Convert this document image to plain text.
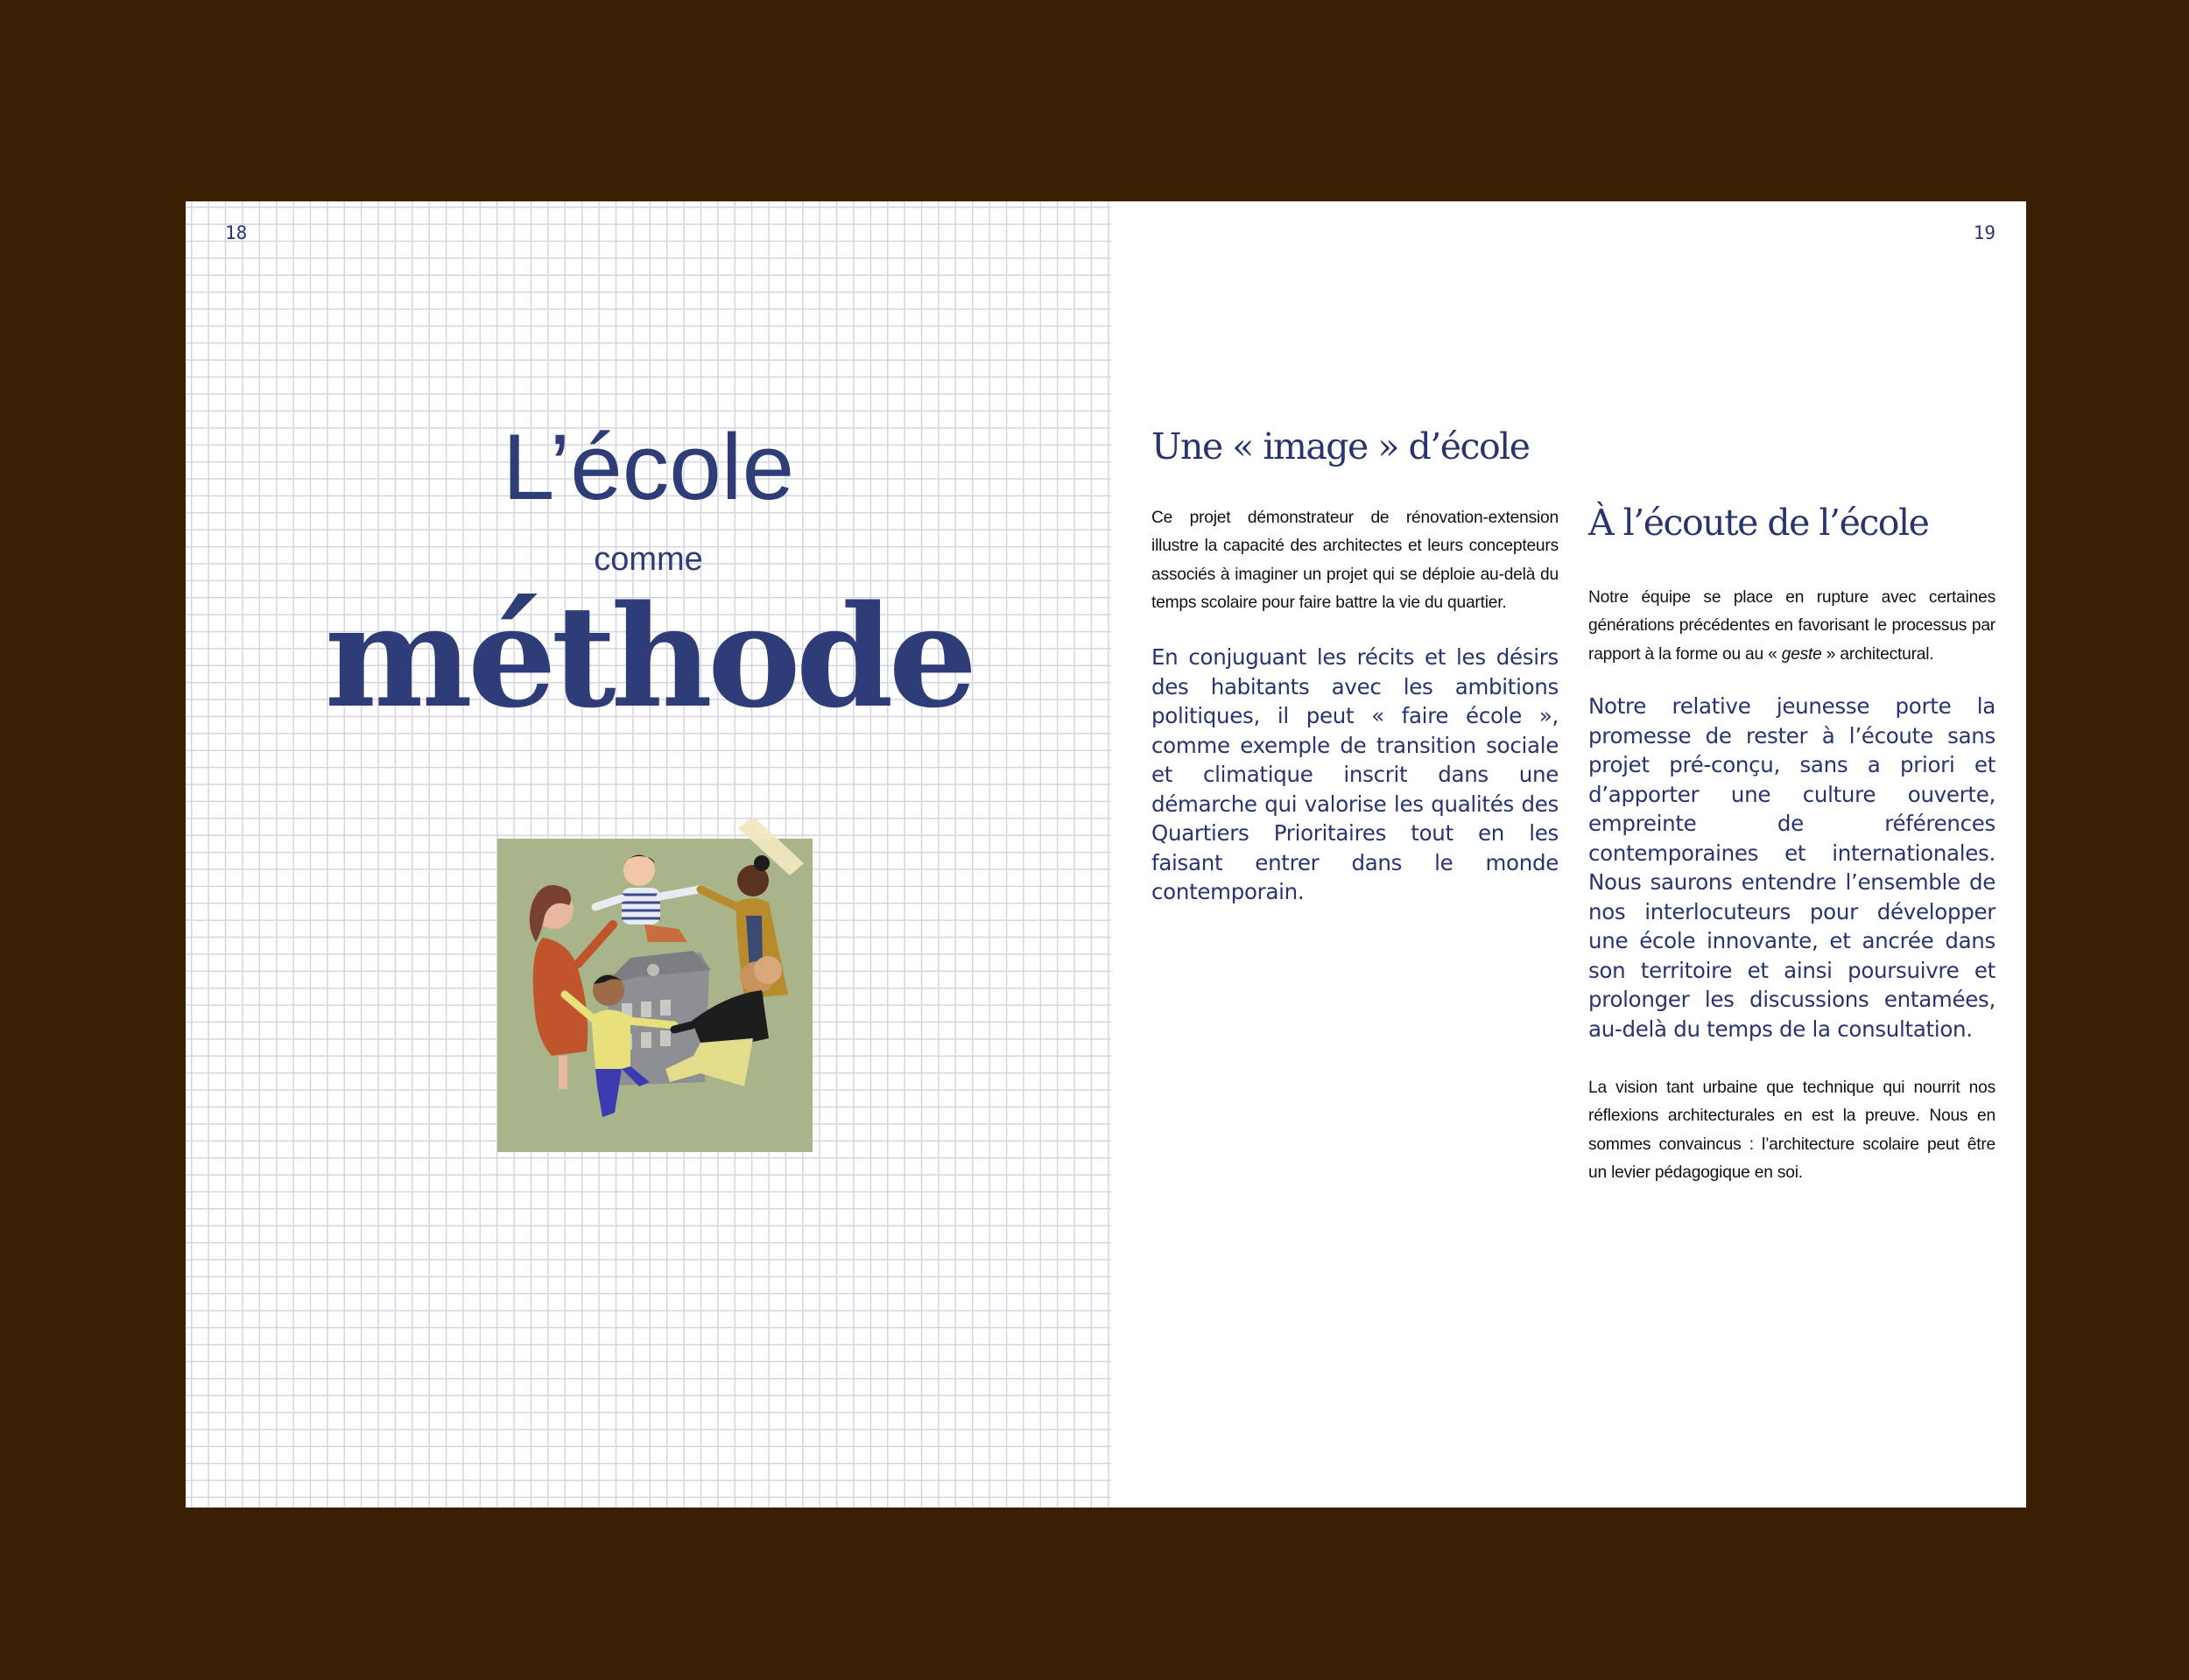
18
L’école
comme
méthode
19
Une « image » d’école
Ce projet démonstrateur de rénovation-extension illustre la capacité des architectes et leurs concepteurs associés à imaginer un projet qui se déploie au-delà du temps scolaire pour faire battre la vie du quartier.
En conjuguant les récits et les désirs des habitants avec les ambitions politiques, il peut « faire école », comme exemple de transition sociale et climatique inscrit dans une démarche qui valorise les qualités des Quartiers Prioritaires tout en les faisant entrer dans le monde contemporain.
À l’écoute de l’école
Notre équipe se place en rupture avec certaines générations précédentes en favorisant le processus par rapport à la forme ou au « geste » architectural.
Notre relative jeunesse porte la promesse de rester à l’écoute sans projet pré-conçu, sans a priori et d’apporter une culture ouverte, empreinte de références contemporaines et internationales. Nous saurons entendre l’ensemble de nos interlocuteurs pour développer une école innovante, et ancrée dans son territoire et ainsi poursuivre et prolonger les discussions entamées, au-delà du temps de la consultation.
La vision tant urbaine que technique qui nourrit nos réflexions architecturales en est la preuve. Nous en sommes convaincus : l’architecture scolaire peut être un levier pédagogique en soi.
